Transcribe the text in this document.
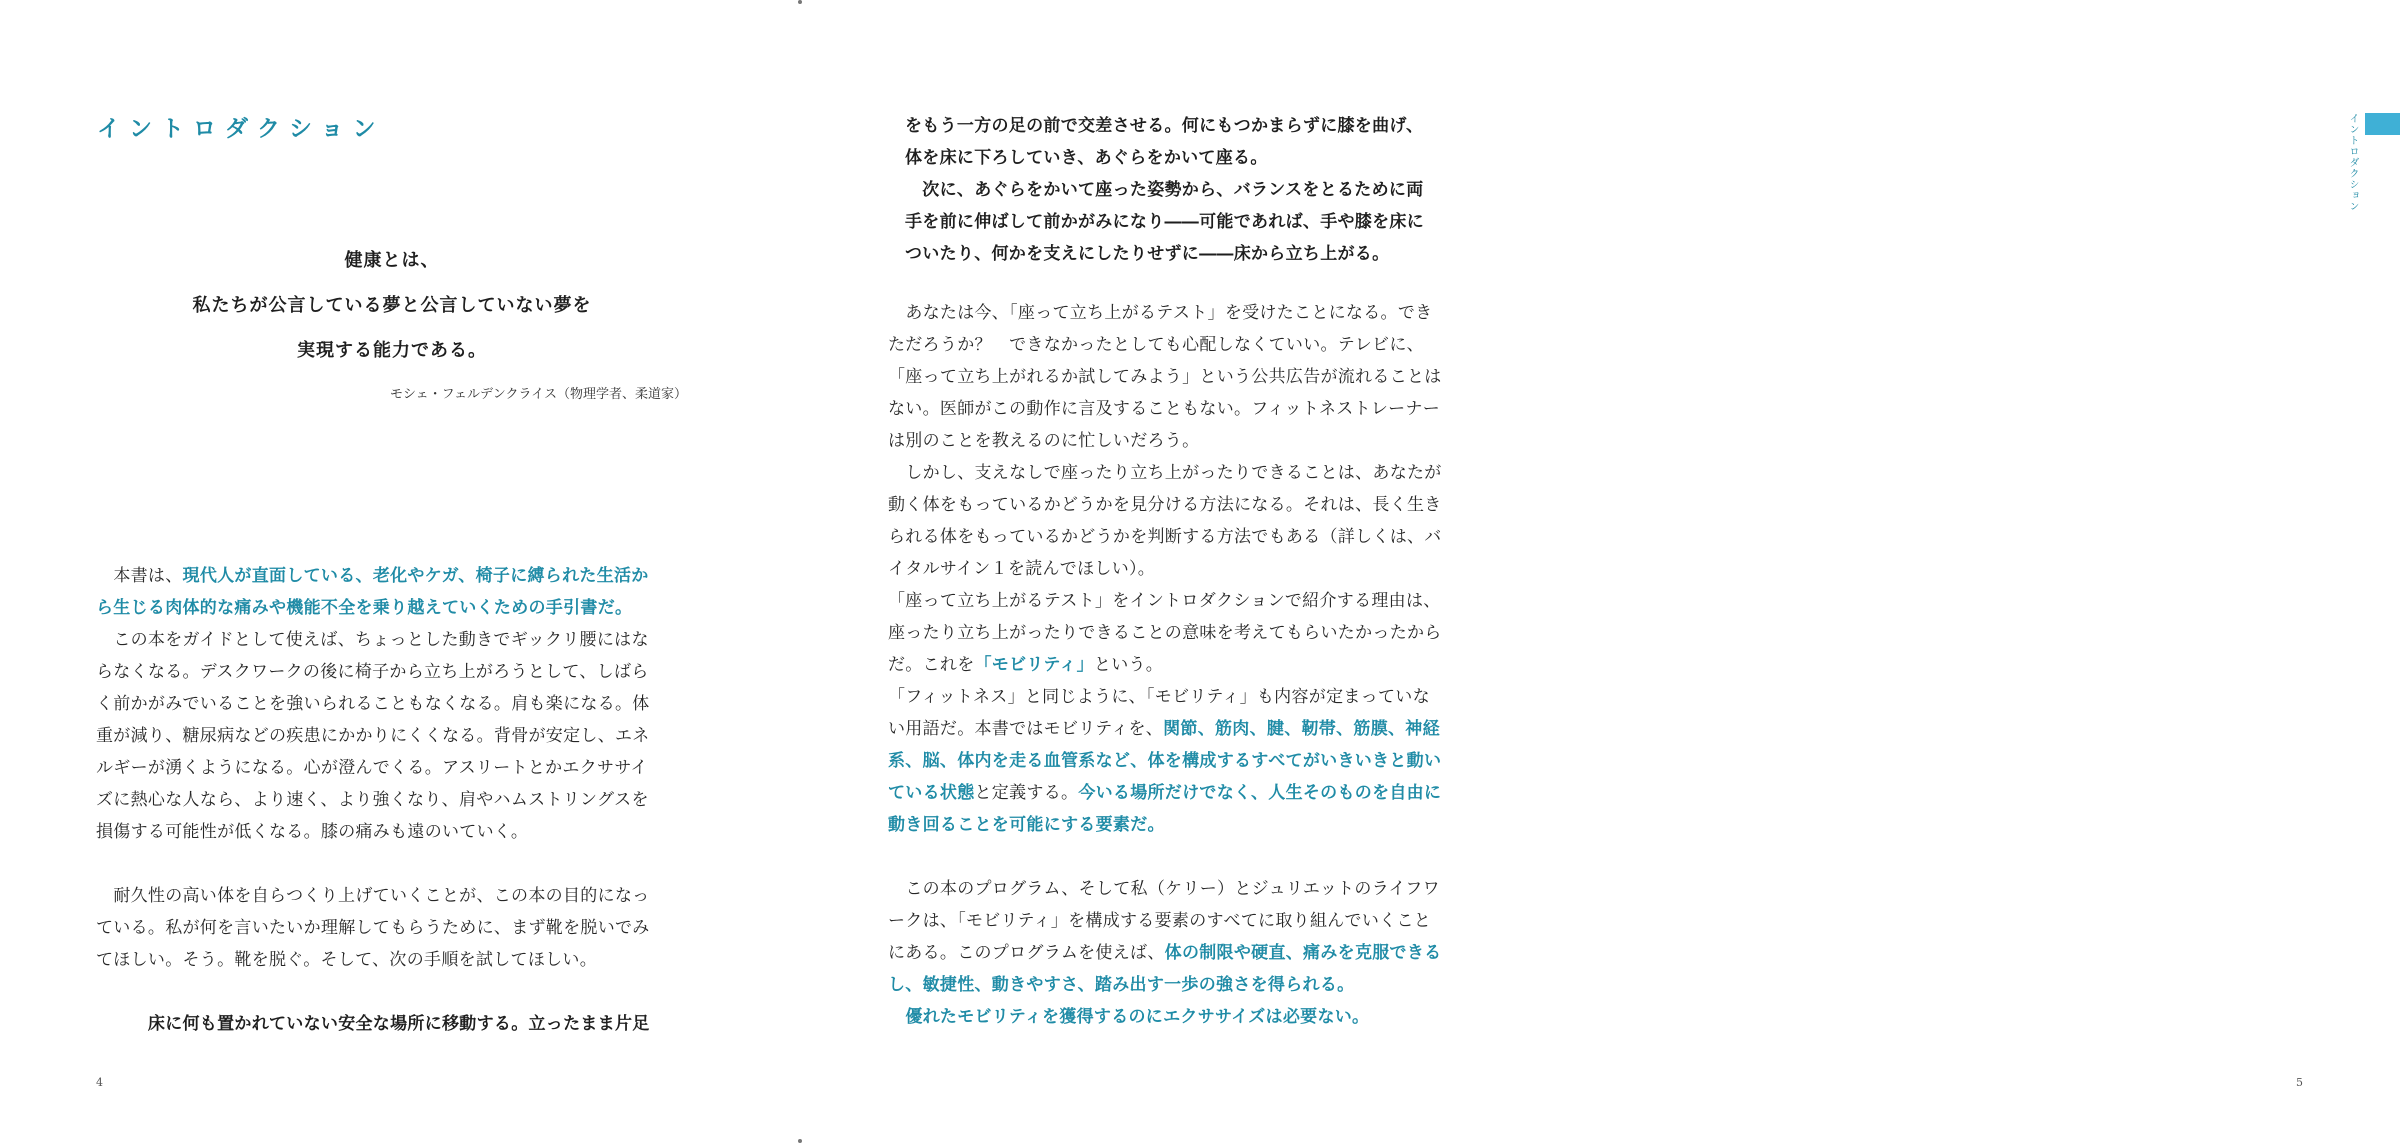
イントロダクション
健康とは、
私たちが公言している夢と公言していない夢を
実現する能力である。
モシェ・フェルデンクライス（物理学者、柔道家）
　本書は、現代人が直面している、老化やケガ、椅子に縛られた生活か
ら生じる肉体的な痛みや機能不全を乗り越えていくための手引書だ。
　この本をガイドとして使えば、ちょっとした動きでギックリ腰にはな
らなくなる。デスクワークの後に椅子から立ち上がろうとして、しばら
く前かがみでいることを強いられることもなくなる。肩も楽になる。体
重が減り、糖尿病などの疾患にかかりにくくなる。背骨が安定し、エネ
ルギーが湧くようになる。心が澄んでくる。アスリートとかエクササイ
ズに熱心な人なら、より速く、より強くなり、肩やハムストリングスを
損傷する可能性が低くなる。膝の痛みも遠のいていく。
　耐久性の高い体を自らつくり上げていくことが、この本の目的になっ
ている。私が何を言いたいか理解してもらうために、まず靴を脱いでみ
てほしい。そう。靴を脱ぐ。そして、次の手順を試してほしい。
　　　床に何も置かれていない安全な場所に移動する。立ったまま片足
4
イントロダクション
5
をもう一方の足の前で交差させる。何にもつかまらずに膝を曲げ、
体を床に下ろしていき、あぐらをかいて座る。
　次に、あぐらをかいて座った姿勢から、バランスをとるために両
手を前に伸ばして前かがみになり――可能であれば、手や膝を床に
ついたり、何かを支えにしたりせずに――床から立ち上がる。
　あなたは今、「座って立ち上がるテスト」を受けたことになる。でき
ただろうか？　できなかったとしても心配しなくていい。テレビに、
「座って立ち上がれるか試してみよう」という公共広告が流れることは
ない。医師がこの動作に言及することもない。フィットネストレーナー
は別のことを教えるのに忙しいだろう。
　しかし、支えなしで座ったり立ち上がったりできることは、あなたが
動く体をもっているかどうかを見分ける方法になる。それは、長く生き
られる体をもっているかどうかを判断する方法でもある（詳しくは、バ
イタルサイン１を読んでほしい）。
「座って立ち上がるテスト」をイントロダクションで紹介する理由は、
座ったり立ち上がったりできることの意味を考えてもらいたかったから
だ。これを「モビリティ」という。
「フィットネス」と同じように、「モビリティ」も内容が定まっていな
い用語だ。本書ではモビリティを、関節、筋肉、腱、靭帯、筋膜、神経
系、脳、体内を走る血管系など、体を構成するすべてがいきいきと動い
ている状態と定義する。今いる場所だけでなく、人生そのものを自由に
動き回ることを可能にする要素だ。
　この本のプログラム、そして私（ケリー）とジュリエットのライフワ
ークは、「モビリティ」を構成する要素のすべてに取り組んでいくこと
にある。このプログラムを使えば、体の制限や硬直、痛みを克服できる
し、敏捷性、動きやすさ、踏み出す一歩の強さを得られる。
　優れたモビリティを獲得するのにエクササイズは必要ない。
